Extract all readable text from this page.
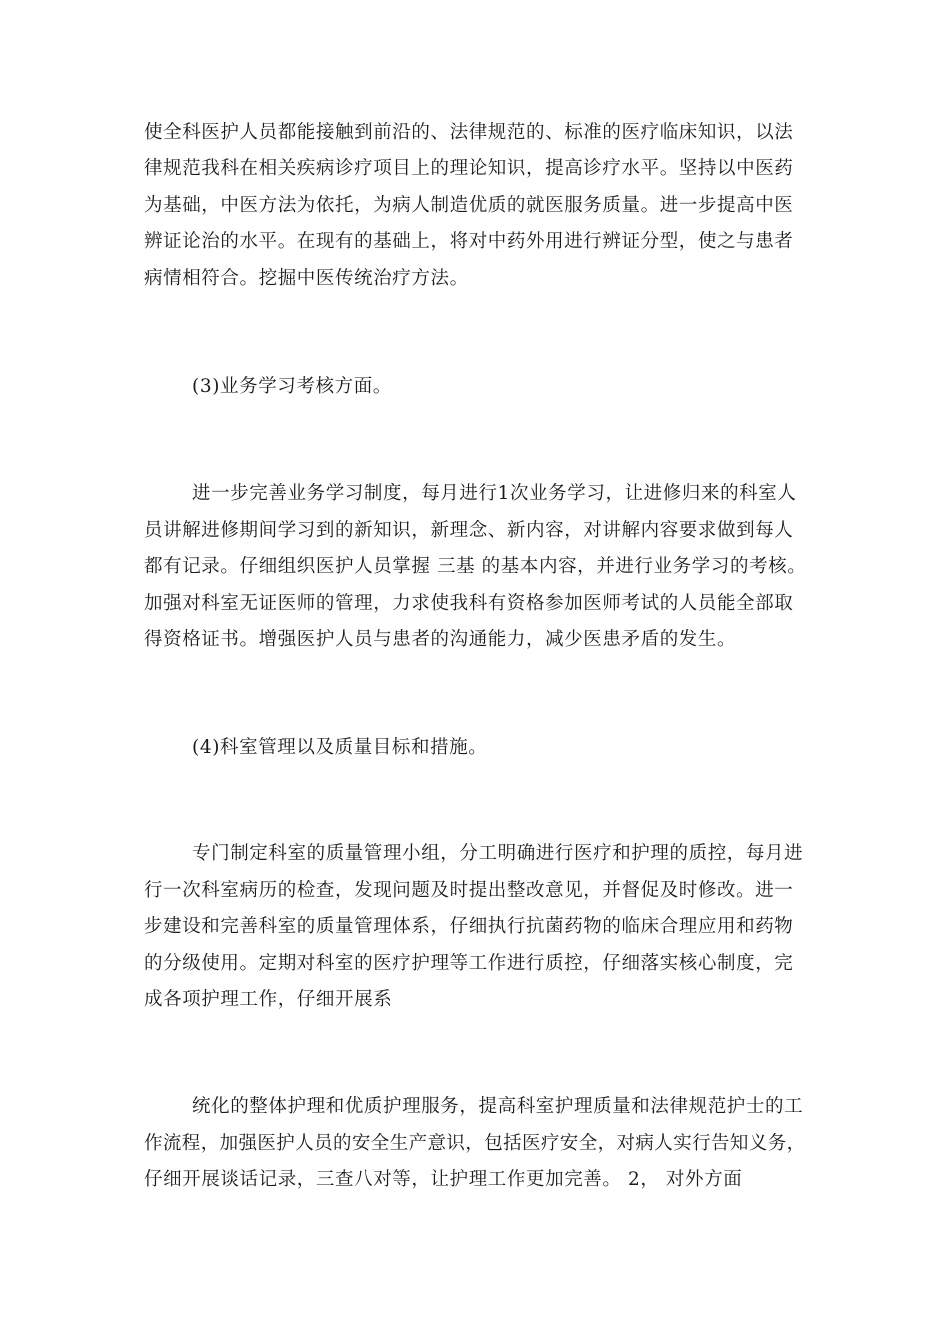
使全科医护人员都能接触到前沿的、法律规范的、标准的医疗临床知识，以法
律规范我科在相关疾病诊疗项目上的理论知识，提高诊疗水平。坚持以中医药
为基础，中医方法为依托，为病人制造优质的就医服务质量。进一步提高中医
辨证论治的水平。在现有的基础上，将对中药外用进行辨证分型，使之与患者
病情相符合。挖掘中医传统治疗方法。
(3)业务学习考核方面。
进一步完善业务学习制度，每月进行1次业务学习，让进修归来的科室人
员讲解进修期间学习到的新知识，新理念、新内容，对讲解内容要求做到每人
都有记录。仔细组织医护人员掌握 三基 的基本内容，并进行业务学习的考核。
加强对科室无证医师的管理，力求使我科有资格参加医师考试的人员能全部取
得资格证书。增强医护人员与患者的沟通能力，减少医患矛盾的发生。
(4)科室管理以及质量目标和措施。
专门制定科室的质量管理小组，分工明确进行医疗和护理的质控，每月进
行一次科室病历的检查，发现问题及时提出整改意见，并督促及时修改。进一
步建设和完善科室的质量管理体系，仔细执行抗菌药物的临床合理应用和药物
的分级使用。定期对科室的医疗护理等工作进行质控，仔细落实核心制度，完
成各项护理工作，仔细开展系
统化的整体护理和优质护理服务，提高科室护理质量和法律规范护士的工
作流程，加强医护人员的安全生产意识，包括医疗安全，对病人实行告知义务，
仔细开展谈话记录，三查八对等，让护理工作更加完善。 2， 对外方面
